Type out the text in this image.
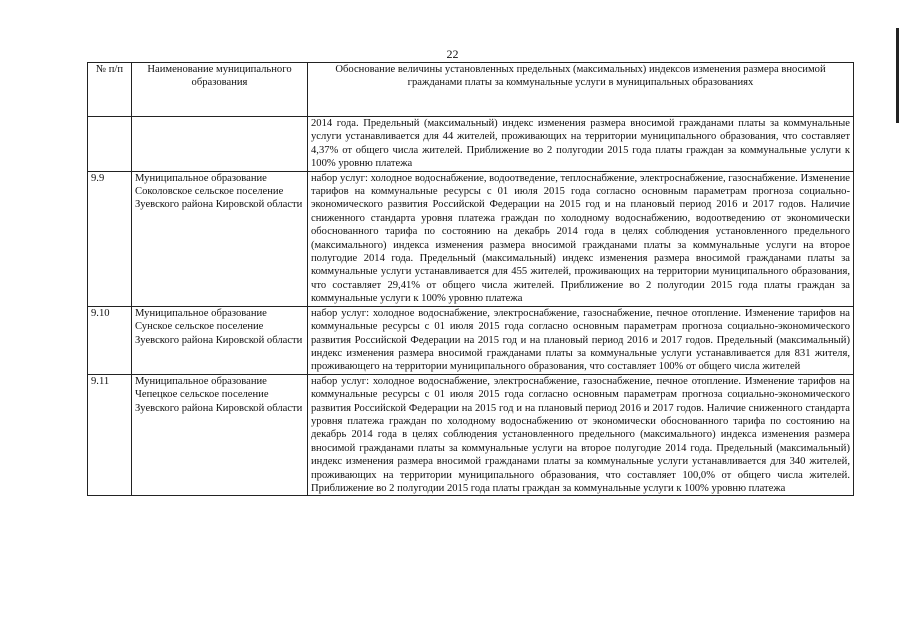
22
№ п/п	Наименование муниципального образования	Обоснование величины установленных предельных (максимальных) индексов изменения размера вносимой гражданами платы за коммунальные услуги в муниципальных образованиях
		2014 года. Предельный (максимальный) индекс изменения размера вносимой гражданами платы за коммунальные услуги устанавливается для 44 жителей, проживающих на территории муниципального образования, что составляет 4,37% от общего числа жителей. Приближение во 2 полугодии 2015 года платы граждан за коммунальные услуги к 100% уровню платежа
9.9	Муниципальное образование Соколовское сельское поселение Зуевского района Кировской области	набор услуг: холодное водоснабжение, водоотведение, теплоснабжение, электроснабжение, газоснабжение. Изменение тарифов на коммунальные ресурсы с 01 июля 2015 года согласно основным параметрам прогноза социально-экономического развития Российской Федерации на 2015 год и на плановый период 2016 и 2017 годов. Наличие сниженного стандарта уровня платежа граждан по холодному водоснабжению, водоотведению от экономически обоснованного тарифа по состоянию на декабрь 2014 года в целях соблюдения установленного предельного (максимального) индекса изменения размера вносимой гражданами платы за коммунальные услуги на второе полугодие 2014 года. Предельный (максимальный) индекс изменения размера вносимой гражданами платы за коммунальные услуги устанавливается для 455 жителей, проживающих на территории муниципального образования, что составляет 29,41% от общего числа жителей. Приближение во 2 полугодии 2015 года платы граждан за коммунальные услуги к 100% уровню платежа
9.10	Муниципальное образование Сунское сельское поселение Зуевского района Кировской области	набор услуг: холодное водоснабжение, электроснабжение, газоснабжение, печное отопление. Изменение тарифов на коммунальные ресурсы с 01 июля 2015 года согласно основным параметрам прогноза социально-экономического развития Российской Федерации на 2015 год и на плановый период 2016 и 2017 годов. Предельный (максимальный) индекс изменения размера вносимой гражданами платы за коммунальные услуги устанавливается для 831 жителя, проживающего на территории муниципального образования, что составляет 100% от общего числа жителей
9.11	Муниципальное образование Чепецкое сельское поселение Зуевского района Кировской области	набор услуг: холодное водоснабжение, электроснабжение, газоснабжение, печное отопление. Изменение тарифов на коммунальные ресурсы с 01 июля 2015 года согласно основным параметрам прогноза социально-экономического развития Российской Федерации на 2015 год и на плановый период 2016 и 2017 годов. Наличие сниженного стандарта уровня платежа граждан по холодному водоснабжению от экономически обоснованного тарифа по состоянию на декабрь 2014 года в целях соблюдения установленного предельного (максимального) индекса изменения размера вносимой гражданами платы за коммунальные услуги на второе полугодие 2014 года. Предельный (максимальный) индекс изменения размера вносимой гражданами платы за коммунальные услуги устанавливается для 340 жителей, проживающих на территории муниципального образования, что составляет 100,0% от общего числа жителей. Приближение во 2 полугодии 2015 года платы граждан за коммунальные услуги к 100% уровню платежа
